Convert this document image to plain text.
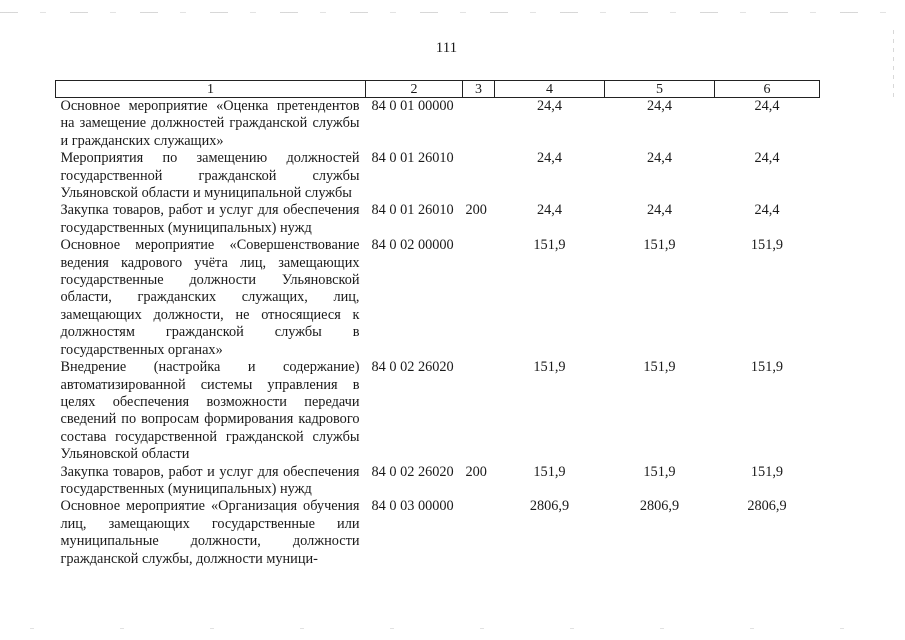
111
1	2	3	4	5	6
Основное мероприятие «Оценка претендентов на замещение должностей гражданской службы и гражданских служащих»	84 0 01 00000		24,4	24,4	24,4
Мероприятия по замещению должностей государственной гражданской службы Ульяновской области и муниципальной службы	84 0 01 26010		24,4	24,4	24,4
Закупка товаров, работ и услуг для обеспечения государственных (муниципальных) нужд	84 0 01 26010	200	24,4	24,4	24,4
Основное мероприятие «Совершенствование ведения кадрового учёта лиц, замещающих государственные должности Ульяновской области, гражданских служащих, лиц, замещающих должности, не относящиеся к должностям гражданской службы в государственных органах»	84 0 02 00000		151,9	151,9	151,9
Внедрение (настройка и содержание) автоматизированной системы управления в целях обеспечения возможности передачи сведений по вопросам формирования кадрового состава государственной гражданской службы Ульяновской области	84 0 02 26020		151,9	151,9	151,9
Закупка товаров, работ и услуг для обеспечения государственных (муниципальных) нужд	84 0 02 26020	200	151,9	151,9	151,9
Основное мероприятие «Организация обучения лиц, замещающих государственные или муниципальные должности, должности гражданской службы, должности муници-	84 0 03 00000		2806,9	2806,9	2806,9
